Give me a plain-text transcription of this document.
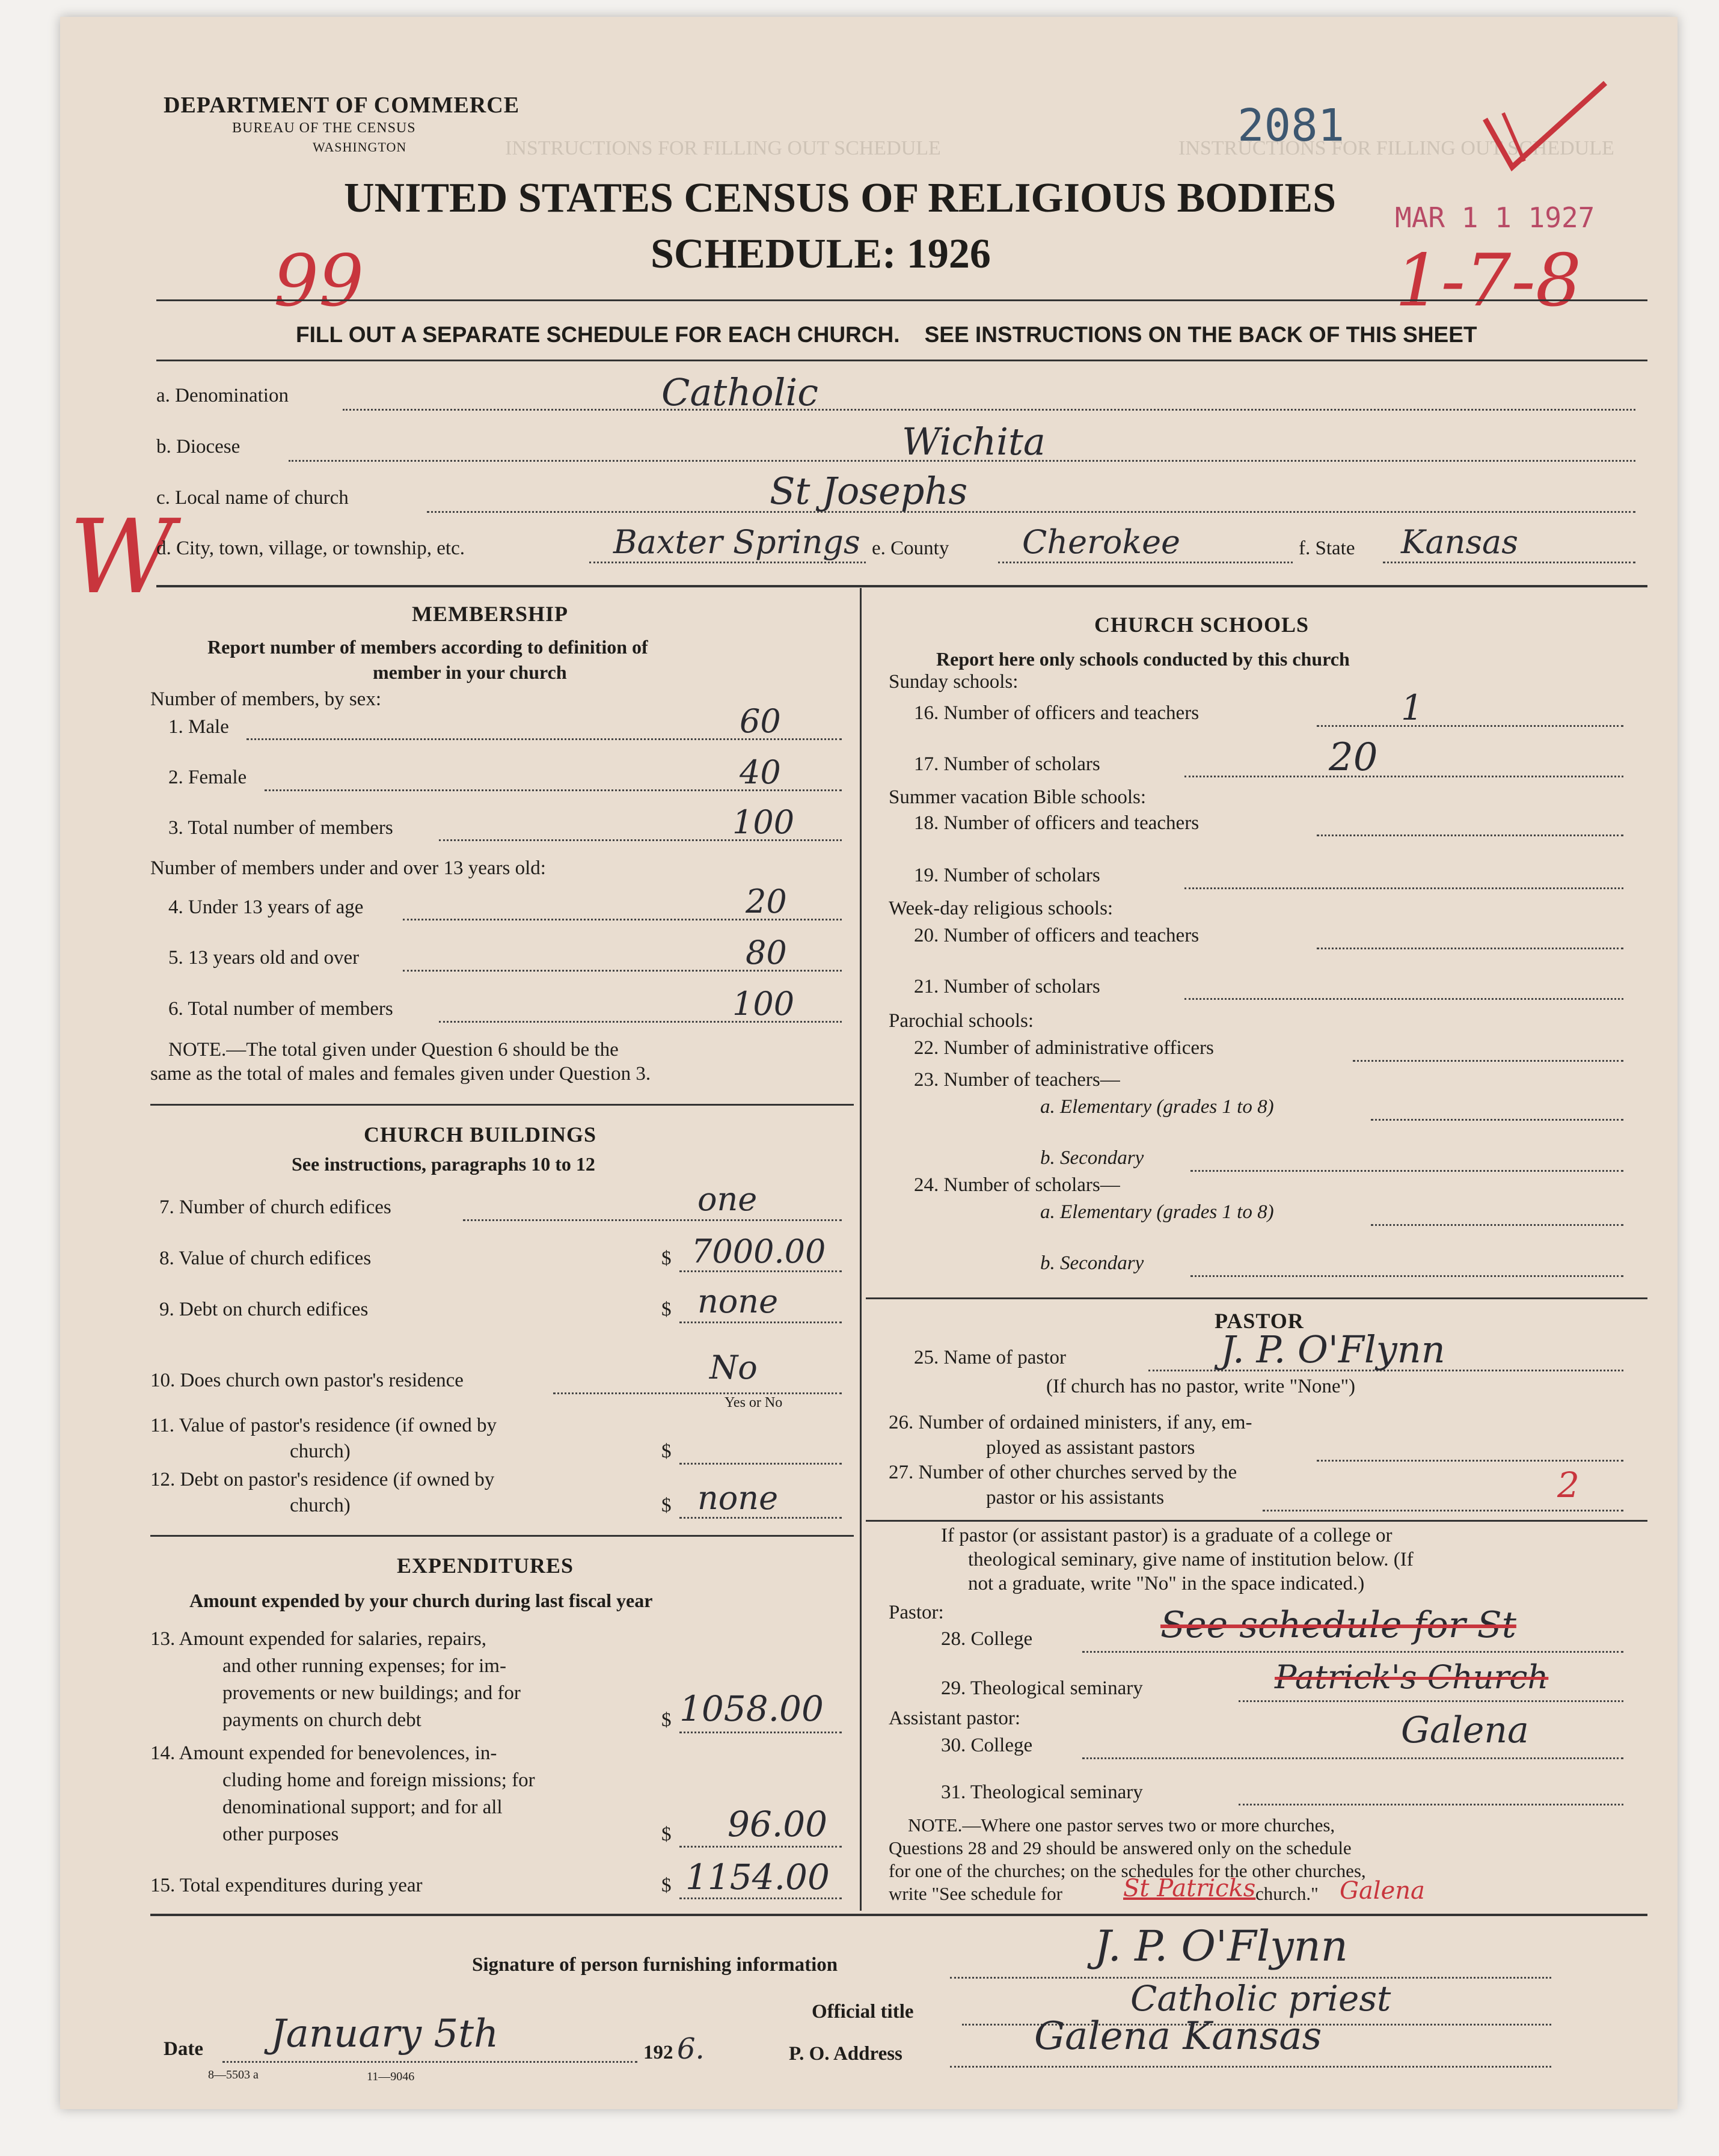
INSTRUCTIONS FOR FILLING OUT SCHEDULE	INSTRUCTIONS FOR FILLING OUT SCHEDULE
DEPARTMENT OF COMMERCE
BUREAU OF THE CENSUS
WASHINGTON	2081
MAR 1 1 1927
1-7-8
99
W
UNITED STATES CENSUS OF RELIGIOUS BODIES
SCHEDULE: 1926
FILL OUT A SEPARATE SCHEDULE FOR EACH CHURCH.    SEE INSTRUCTIONS ON THE BACK OF THIS SHEET
a. Denomination	Catholic
b. Diocese	Wichita
c. Local name of church	St Josephs
d. City, town, village, or township, etc.	Baxter Springs e. County Cherokee	f. State Kansas
MEMBERSHIP
Report number of members according to definition of
member in your church
Number of members, by sex:
1. Male	60
2. Female	40
3. Total number of members	100
Number of members under and over 13 years old:
4. Under 13 years of age	20
5. 13 years old and over	80
6. Total number of members	100
NOTE.—The total given under Question 6 should be the
same as the total of males and females given under Question 3.
CHURCH BUILDINGS
See instructions, paragraphs 10 to 12
7. Number of church edifices	one
8. Value of church edifices	$ 7000.00
9. Debt on church edifices	$ none
10. Does church own pastor's residence	No
Yes or No
11. Value of pastor's residence (if owned by
church)	$
12. Debt on pastor's residence (if owned by
church)	$ none
EXPENDITURES
Amount expended by your church during last fiscal year
13. Amount expended for salaries, repairs,
and other running expenses; for im-
provements or new buildings; and for
payments on church debt	$ 1058.00
14. Amount expended for benevolences, in-
cluding home and foreign missions; for
denominational support; and for all
other purposes	$ 96.00
15. Total expenditures during year	$ 1154.00
CHURCH SCHOOLS
Report here only schools conducted by this church
Sunday schools:
16. Number of officers and teachers	1
17. Number of scholars	20
Summer vacation Bible schools:
18. Number of officers and teachers
19. Number of scholars
Week-day religious schools:
20. Number of officers and teachers
21. Number of scholars
Parochial schools:
22. Number of administrative officers
23. Number of teachers—
a. Elementary (grades 1 to 8)
b. Secondary
24. Number of scholars—
a. Elementary (grades 1 to 8)
b. Secondary
PASTOR
25. Name of pastor	J. P. O'Flynn
(If church has no pastor, write "None")
26. Number of ordained ministers, if any, em-
ployed as assistant pastors
27. Number of other churches served by the
pastor or his assistants	2
If pastor (or assistant pastor) is a graduate of a college or
theological seminary, give name of institution below. (If
not a graduate, write "No" in the space indicated.)
Pastor:
28. College	See schedule for St
29. Theological seminary	Patrick's Church
Assistant pastor:
30. College	Galena
31. Theological seminary
NOTE.—Where one pastor serves two or more churches,
Questions 28 and 29 should be answered only on the schedule
for one of the churches; on the schedules for the other churches,
write "See schedule for	St Patricks church." Galena
Signature of person furnishing information	J. P. O'Flynn
Official title	Catholic priest
Date January 5th	192 6.	P. O. Address	Galena Kansas
8—5503 a	11—9046
